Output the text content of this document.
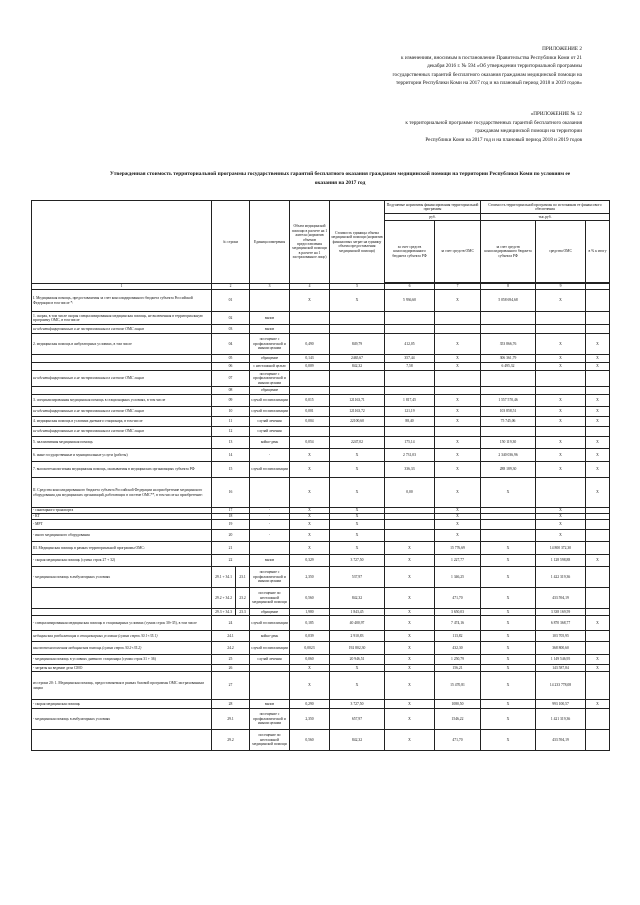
ПРИЛОЖЕНИЕ 2
к изменениям, вносимым в постановление Правительства Республики Коми от 21
декабря 2016 г. № 594 «Об утверждении территориальной программы
государственных гарантий бесплатного оказания гражданам медицинской помощи на
территории Республики Коми на 2017 год и на плановый период 2018 и 2019 годов»
«ПРИЛОЖЕНИЕ № 12
к территориальной программе государственных гарантий бесплатного оказания
гражданам медицинской помощи на территории
Республики Коми на 2017 год и на плановый период 2018 и 2019 годов
Утвержденная стоимость территориальной программы государственных гарантий бесплатного оказания гражданам медицинской помощи на территории Республики Коми по условиям ее оказания на 2017 год
	№ строки		Единица измерения	Объем медицинской помощи в расчете на 1 жителя (норматив объемов предоставления медицинской помощи в расчете на 1 застрахованное лицо)	Стоимость единицы объема медицинской помощи (норматив финансовых затрат на единицу объема предоставления медицинской помощи)	Подушевые нормативы финансирования территориальной программы		Стоимость территориальной программы по источникам ее финансового обеспечения		
						руб.		тыс.руб.		
						за счет средств консолидированного бюджета субъекта РФ	за счет средств ОМС	за счет средств консолидированного бюджета субъекта РФ	средства ОМС	в % к итогу

1	2		3	4	5	6	7	8	9	
I. Медицинская помощь, предоставляемая за счет консолидированного бюджета субъекта Российской Федерации в том числе *:	01			X	X	5 936,60	X	5 058 694,68	X	
1. скорая, в том числе скорая специализированная медицинская помощь, не включенная в территориальную программу ОМС, в том числе	02		вызов							
не идентифицированным и не застрахованным в системе ОМС лицам	03		вызов							
2. медицинская помощь в амбулаторных условиях, в том числе	04		посещение с профилактической и иными целями	0,490	849,79	412,05	X	353 866,76	X	X
	05		обращение	0,143	2465,67	357,44	X	306 361,79	X	X
	06		с неотложной целью	0,009	842,32	7,58	X	6 495,32	X	X
не идентифицированным и не застрахованным в системе ОМС лицам	07		посещение с профилактической и иными целями							
	08		обращение							
3. специализированная медицинская помощь в стационарных условиях, в том числе	09		случай госпитализации	0,015	121163,71	1 817,45	X	1 557 570,46	X	X
не идентифицированным и не застрахованным в системе ОМС лицам	10		случай госпитализации	0,001	121163,72	121,19	X	103 858,51	X	X
4. медицинская помощь в условиях дневного стационара, в том числе	11		случай лечения	0,004	22100,60	88,40	X	75 745,06	X	X
не идентифицированным и не застрахованным в системе ОМС лицам	12		случай лечения							
5. паллиативная медицинская помощь	13		койко-день	0,054	2247,02	175,14	X	150 119,30	X	X
6. иные государственные и муниципальные услуги (работы)	14		-	X	X	2 731,03	X	2 340 036,96	X	X
7. высокотехнологичная медицинская помощь, оказываемая в медицинских организациях субъекта РФ	15		случай госпитализации	X	X	336,33	X	288 189,30	X	X
II. Средства консолидированного бюджета субъекта Российской Федерации на приобретение медицинского оборудования для медицинских организаций, работающих в системе ОМС**, в том числе на приобретение:	16			X	X	0,00	X	X		X
- санитарного транспорта	17		-	X	X		X		X	
- КТ	18		-	X	X		X		X	
- МРТ	19		-	X	X		X		X	
- иного медицинского оборудования	20		-	X	X		X		X	
III. Медицинская помощь в рамках территориальной программы ОМС:	21			X	X	X	15 776,69	X	14 800 372,30	
- скорая медицинская помощь (сумма строк 27 + 32)	22		вызов	0,329	3 727,50	X	1 227,77	X	1 128 598,88	X
- медицинская помощь в амбулаторных условиях	29.1 + 34.1	23.1	посещение с профилактической и иными целями	2,350	537,97	X	1 346,25	X	1 422 319,36	
	29.2 + 34.2	23.2	посещение по неотложной медицинской помощи	0,560	842,32	X	471,70	X	433 594,19	
	29.3 + 34.3	23.3	обращение	1,980	1 843,45	X	3 650,03	X	3 338 169,59	
- специализированная медицинская помощь в стационарных условиях (сумма строк 30+35), в том числе	24		случай госпитализации	0,185	40 400,97	X	7 474,16	X	6 870 368,77	X
медицинская реабилитация в стационарных условиях (сумма строк 30.1+35.1)	24.1		койко-день	0,039	2 910,83	X	113,82	X	103 705,95	
высокотехнологичная медицинская помощь (сумма строк 30.2+35.2)	24.2		случай госпитализации	0,0023	192 802,30	X	432,30	X	368 800,60	
- медицинская помощь в условиях дневного стационара (сумма строк 31 + 36)	25		случай лечения	0,060	20 946,51	X	1 250,79	X	1 149 546,95	X
- затраты на ведение дела СМО	26			X	X	X	156,21	X	143 587,84	X
из строки 20: 1. Медицинская помощь, предоставляемая в рамках базовой программы ОМС застрахованным лицам	27			X	X	X	15 470,81	X	14 233 778,08	
- скорая медицинская помощь	28		вызов	0,290	3 727,50	X	1080,50	X	993 100,57	X
- медицинская помощь в амбулаторных условиях	29.1		посещение с профилактической и иными целями	2,350	657,97	X	1546,22	X	1 421 319,36	
	29.2		посещение по неотложной медицинской помощи	0,560	842,32	X	471,70	X	433 594,19	
